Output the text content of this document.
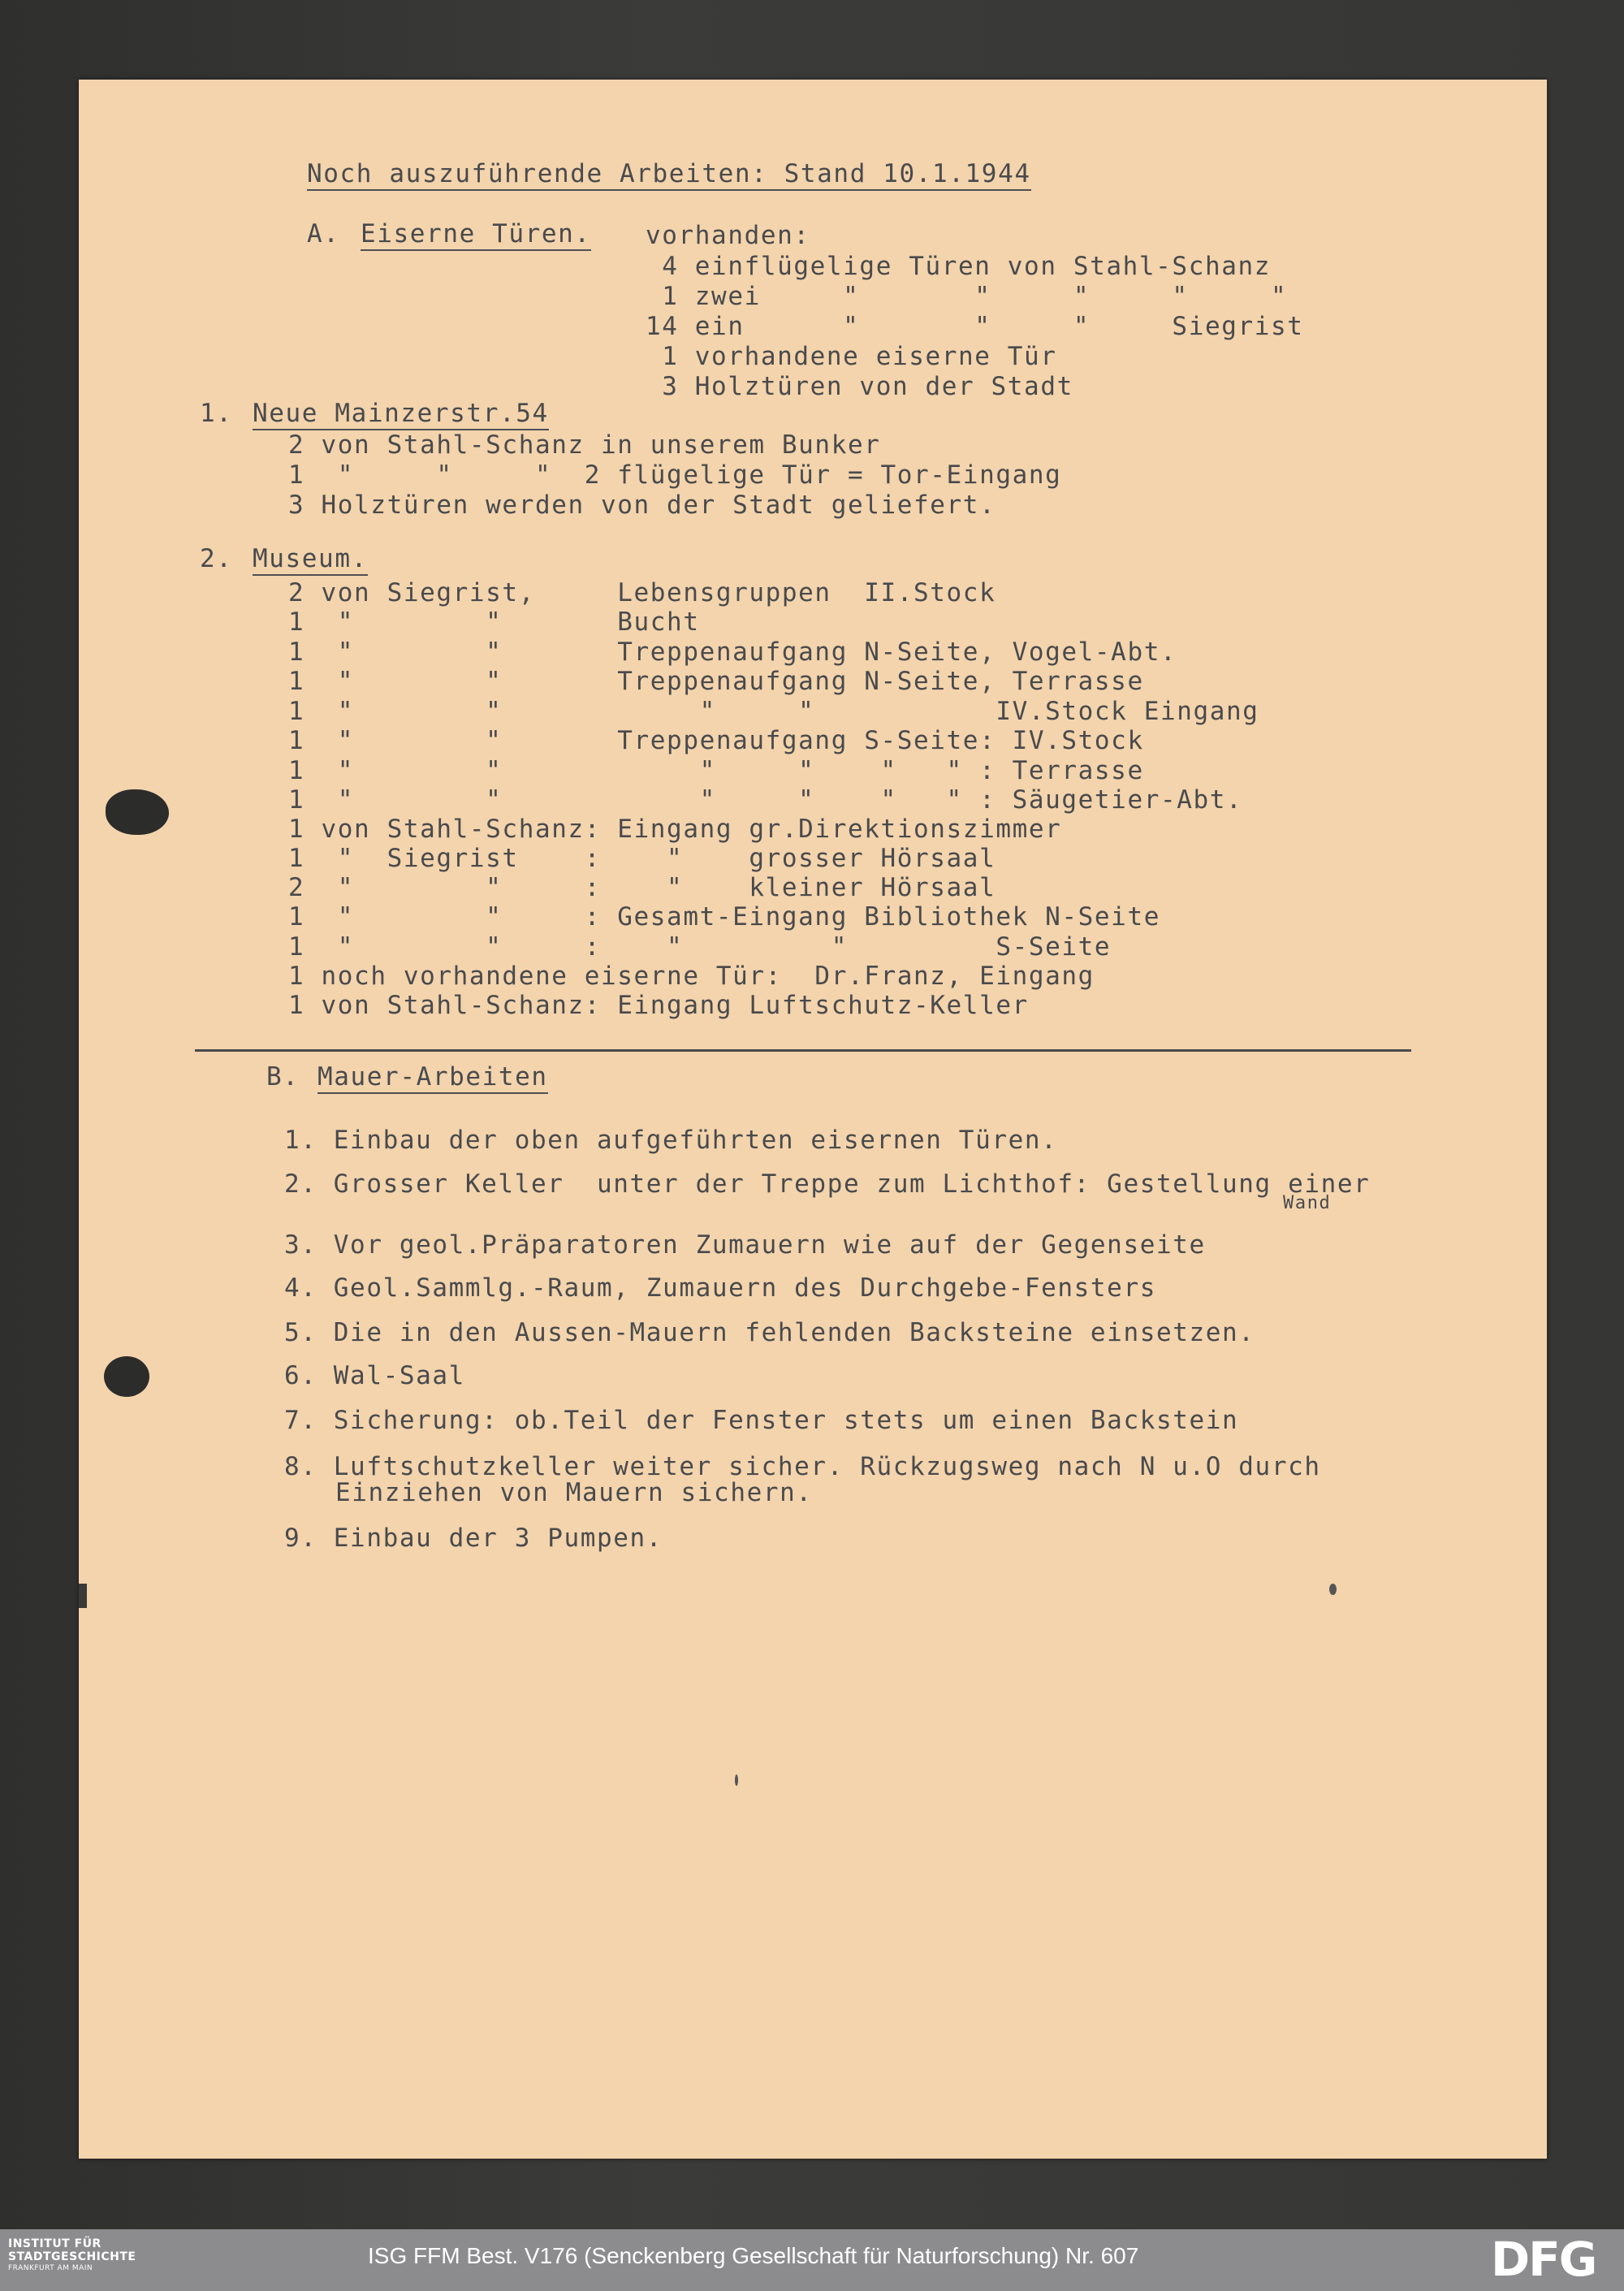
Noch auszuführende Arbeiten: Stand 10.1.1944
A. Eiserne Türen. vorhanden:
4 einflügelige Türen von Stahl-Schanz
1 zwei     "       "     "     "     "
14 ein      "       "     "     Siegrist
1 vorhandene eiserne Tür
3 Holztüren von der Stadt
1. Neue Mainzerstr.54
2 von Stahl-Schanz in unserem Bunker
1  "     "     "  2 flügelige Tür = Tor-Eingang
3 Holztüren werden von der Stadt geliefert.
2. Museum.
2 von Siegrist,     Lebensgruppen  II.Stock
1  "        "       Bucht
1  "        "       Treppenaufgang N-Seite, Vogel-Abt.
1  "        "       Treppenaufgang N-Seite, Terrasse
1  "        "            "     "           IV.Stock Eingang
1  "        "       Treppenaufgang S-Seite: IV.Stock
1  "        "            "     "    "   " : Terrasse
1  "        "            "     "    "   " : Säugetier-Abt.
1 von Stahl-Schanz: Eingang gr.Direktionszimmer
1  "  Siegrist    :    "    grosser Hörsaal
2  "        "     :    "    kleiner Hörsaal
1  "        "     : Gesamt-Eingang Bibliothek N-Seite
1  "        "     :    "         "         S-Seite
1 noch vorhandene eiserne Tür:  Dr.Franz, Eingang
1 von Stahl-Schanz: Eingang Luftschutz-Keller
B. Mauer-Arbeiten
1. Einbau der oben aufgeführten eisernen Türen.
2. Grosser Keller  unter der Treppe zum Lichthof: Gestellung einer
Wand
3. Vor geol.Präparatoren Zumauern wie auf der Gegenseite
4. Geol.Sammlg.-Raum, Zumauern des Durchgebe-Fensters
5. Die in den Aussen-Mauern fehlenden Backsteine einsetzen.
6. Wal-Saal
7. Sicherung: ob.Teil der Fenster stets um einen Backstein
8. Luftschutzkeller weiter sicher. Rückzugsweg nach N u.O durch
Einziehen von Mauern sichern.
9. Einbau der 3 Pumpen.
INSTITUT FÜR
STADTGESCHICHTE
FRANKFURT AM MAIN	ISG FFM Best. V176 (Senckenberg Gesellschaft für Naturforschung) Nr. 607	DFG
